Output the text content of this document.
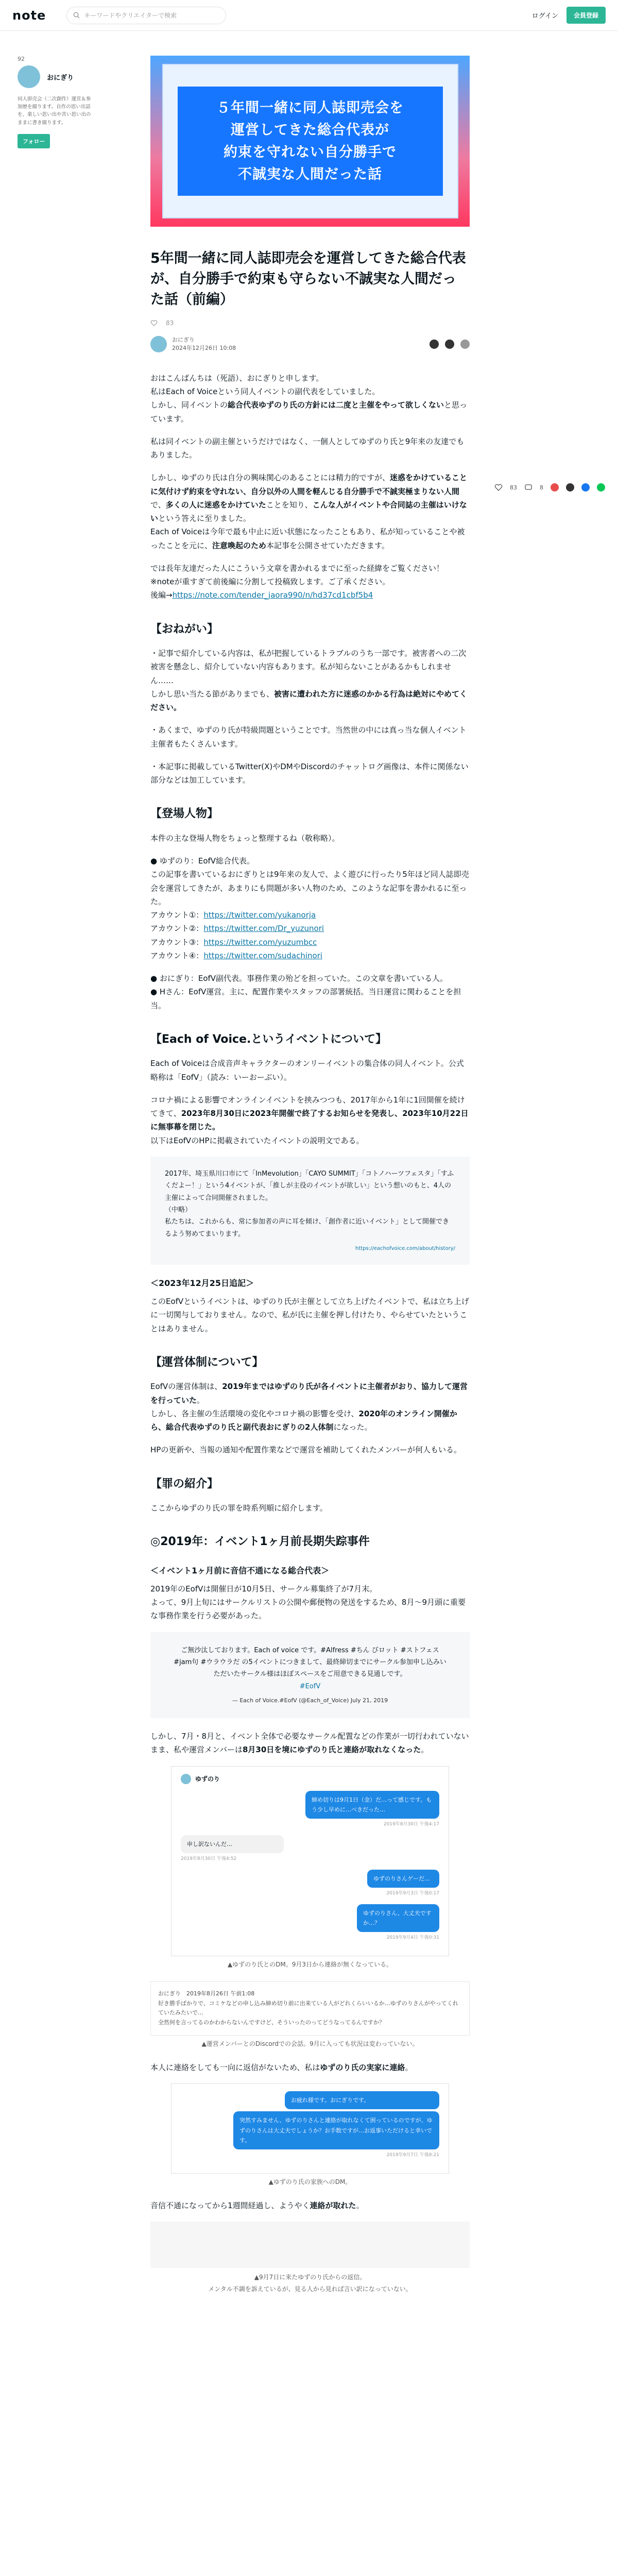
note	キーワードやクリエイターで検索	ログイン	会員登録
92
おにぎり
同人即売会（二次創作）運営＆参加歴を綴ります。自作の思い出話を、楽しい思い出や苦い思い出のままに書き綴ります。
フォロー
83	8
５年間一緒に同人誌即売会を
運営してきた総合代表が
約束を守れない自分勝手で
不誠実な人間だった話
5年間一緒に同人誌即売会を運営してきた総合代表が、自分勝手で約束も守らない不誠実な人間だった話（前編）
83
おにぎり
2024年12月26日 10:08

おはこんばんちは（死語）、おにぎりと申します。
私はEach of Voiceという同人イベントの副代表をしていました。
しかし、同イベントの総合代表ゆずのり氏の方針には二度と主催をやって欲しくないと思っています。

私は同イベントの副主催というだけではなく、一個人としてゆずのり氏と9年来の友達でもありました。

しかし、ゆずのり氏は自分の興味関心のあることには精力的ですが、迷惑をかけていることに気付けず約束を守れない、自分以外の人間を軽んじる自分勝手で不誠実極まりない人間で、多くの人に迷惑をかけていたことを知り、こんな人がイベントや合同誌の主催はいけないという答えに至りました。
Each of Voiceは今年で最も中止に近い状態になったこともあり、私が知っていることや被ったことを元に、注意喚起のため本記事を公開させていただきます。

では長年友達だった人にこういう文章を書かれるまでに至った経緯をご覧ください！
※noteが重すぎて前後編に分割して投稿致します。ご了承ください。
後編→https://note.com/tender_jaora990/n/hd37cd1cbf5b4

【おねがい】

・記事で紹介している内容は、私が把握しているトラブルのうち一部です。被害者への二次被害を懸念し、紹介していない内容もあります。私が知らないことがあるかもしれません……
しかし思い当たる節がありまでも、被害に遭われた方に迷惑のかかる行為は絶対にやめてください。

・あくまで、ゆずのり氏が特級問題ということです。当然世の中には真っ当な個人イベント主催者もたくさんいます。

・本記事に掲載しているTwitter(X)やDMやDiscordのチャットログ画像は、本件に関係ない部分などは加工しています。

【登場人物】

本件の主な登場人物をちょっと整理するね（敬称略）。

● ゆずのり：EofV総合代表。
この記事を書いているおにぎりとは9年来の友人で、よく遊びに行ったり5年ほど同人誌即売会を運営してきたが、あまりにも問題が多い人物のため、このような記事を書かれるに至った。
アカウント①：https://twitter.com/yukanorja
アカウント②：https://twitter.com/Dr_yuzunori
アカウント③：https://twitter.com/yuzumbcc
アカウント④：https://twitter.com/sudachinori

● おにぎり：EofV副代表。事務作業の殆どを担っていた。この文章を書いている人。
● Hさん：EofV運営。主に、配置作業やスタッフの部署統括。当日運営に関わることを担当。

【Each of Voice.というイベントについて】

Each of Voiceは合成音声キャラクターのオンリーイベントの集合体の同人イベント。公式略称は「EofV」（読み：いーおーぶい）。

コロナ禍による影響でオンラインイベントを挟みつつも、2017年から1年に1回開催を続けてきて、2023年8月30日に2023年開催で終了するお知らせを発表し、2023年10月22日に無事幕を閉じた。
以下はEofVのHPに掲載されていたイベントの説明文である。

2017年、埼玉県川口市にて「InMevolution」「CAYO SUMMIT」「コトノハーツフェスタ」「すふくだよー！」という4イベントが、「推しが主役のイベントが欲しい」という想いのもと、4人の主催によって合同開催されました。
（中略）
私たちは、これからも、常に参加者の声に耳を傾け、「創作者に近いイベント」として開催できるよう努めてまいります。
https://eachofvoice.com/about/history/
＜2023年12月25日追記＞

このEofVというイベントは、ゆずのり氏が主催として立ち上げたイベントで、私は立ち上げに一切関与しておりません。なので、私が氏に主催を押し付けたり、やらせていたということはありません。

【運営体制について】

EofVの運営体制は、2019年まではゆずのり氏が各イベントに主催者がおり、協力して運営を行っていた。
しかし、各主催の生活環境の変化やコロナ禍の影響を受け、2020年のオンライン開催から、総合代表ゆずのり氏と副代表おにぎりの2人体制になった。

HPの更新や、当報の通知や配置作業などで運営を補助してくれたメンバーが何人もいる。

【罪の紹介】

ここからゆずのり氏の罪を時系列順に紹介します。

◎2019年：イベント1ヶ月前長期失踪事件
＜イベント1ヶ月前に音信不通になる総合代表＞

2019年のEofVは開催日が10月5日、サークル募集終了が7月末。
よって、9月上旬にはサークルリストの公開や郵便物の発送をするため、8月〜9月頭に重要な事務作業を行う必要があった。

ご無沙汰しております。Each of voice です。#Alfress #ちん びロット #ストフェス #jam句 #ウラウラだ の5イベントにつきまして、最終締切までにサークル参加申し込みいただいたサークル様はほぼスペースをご用意できる見通しです。
#EofV
— Each of Voice.#EofV (@Each_of_Voice) July 21, 2019

しかし、7月・8月と、イベント全体で必要なサークル配置などの作業が一切行われていないまま、私や運営メンバーは8月30日を境にゆずのり氏と連絡が取れなくなった。

ゆずのり
締め切りは9月1日（金）だ…って感じです。もう少し早めに…べきだった…
2019年8月30日 午後4:17
申し訳ないんだ…
2019年8月30日 午後4:52
ゆずのりさんゲーだ…
2019年9月3日 午後0:17
ゆずのりさん、大丈夫ですか…？
2019年9月4日 午後0:31
▲ゆずのり氏とのDM。9月3日から連絡が無くなっている。
おにぎり　2019年8月26日 午前1:08
好き勝手ばかりで、コミケなどの申し込み締め切り前に出来ている人がどれくらいいるか…ゆずのりさんがやってくれていたみたいで…
全然何を言ってるのかわからないんですけど、そういったのってどうなってるんですか？
▲運営メンバーとのDiscordでの会話。9月に入っても状況は変わっていない。

本人に連絡をしても一向に返信がないため、私はゆずのり氏の実家に連絡。

お疲れ様です。おにぎりです。
突然すみません、ゆずのりさんと連絡が取れなくて困っているのですが、ゆずのりさんは大丈夫でしょうか？お手数ですが…お返事いただけると幸いです。
2019年9月7日 午後8:21
▲ゆずのり氏の家族へのDM。

音信不通になってから1週間経過し、ようやく連絡が取れた。

▲9月7日に来たゆずのり氏からの返信。
メンタル不調を訴えているが、見る人から見れば言い訳になっていない。
